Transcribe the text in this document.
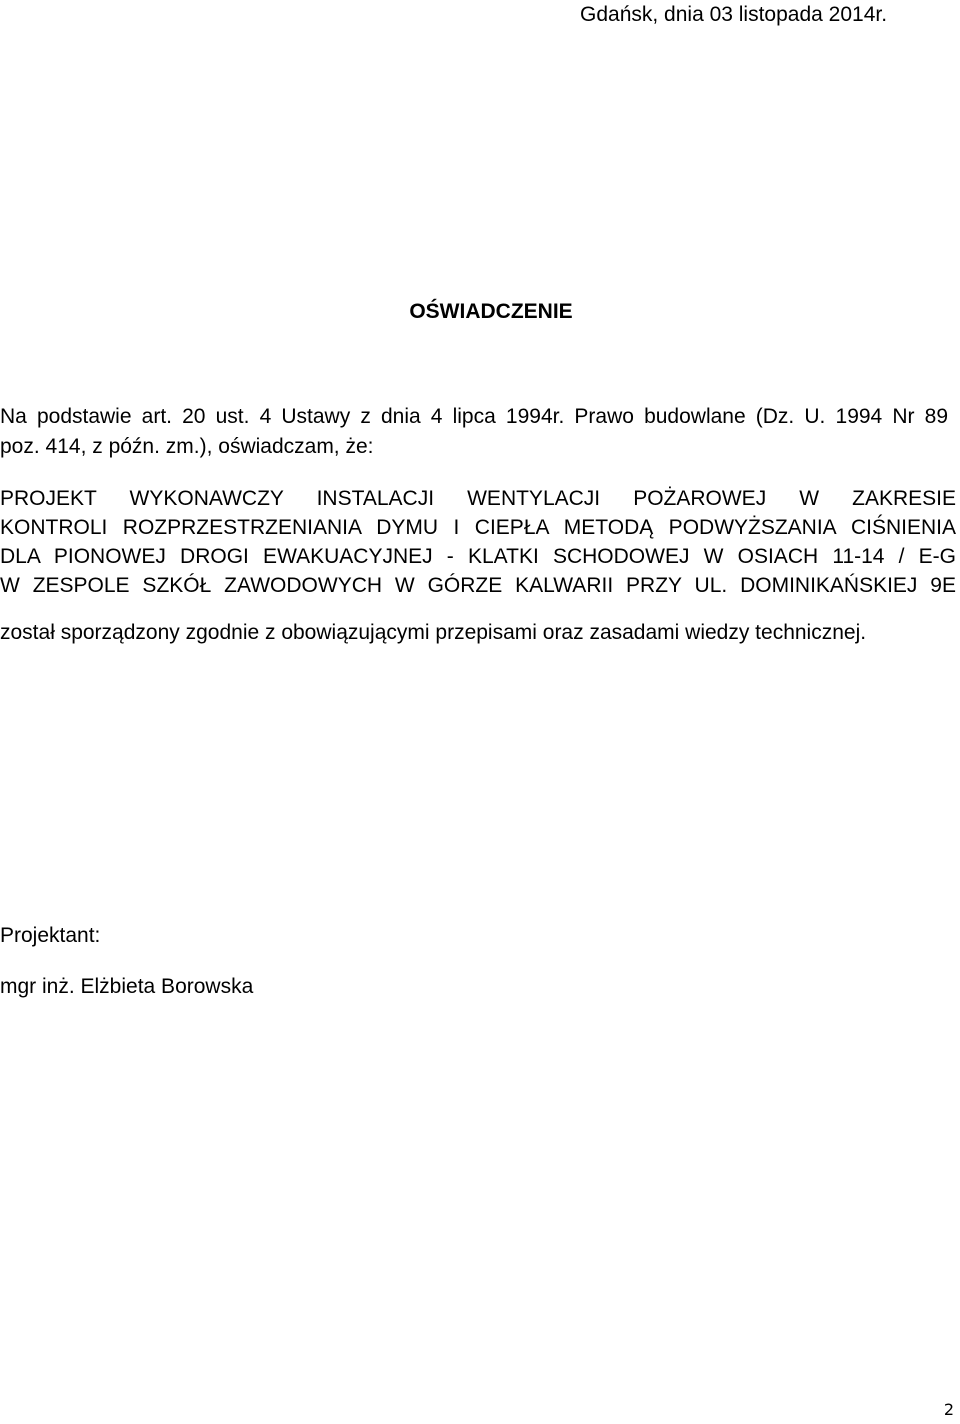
Gdańsk, dnia 03 listopada 2014r.
OŚWIADCZENIE
Na podstawie art. 20 ust. 4 Ustawy z dnia 4 lipca 1994r. Prawo budowlane (Dz. U. 1994 Nr 89
poz. 414, z późn. zm.), oświadczam, że:
PROJEKT WYKONAWCZY INSTALACJI WENTYLACJI POŻAROWEJ W ZAKRESIE
KONTROLI ROZPRZESTRZENIANIA DYMU I CIEPŁA METODĄ PODWYŻSZANIA CIŚNIENIA
DLA PIONOWEJ DROGI EWAKUACYJNEJ - KLATKI SCHODOWEJ W OSIACH 11-14 / E-G
W ZESPOLE SZKÓŁ ZAWODOWYCH W GÓRZE KALWARII PRZY UL. DOMINIKAŃSKIEJ 9E
został sporządzony zgodnie z obowiązującymi przepisami oraz zasadami wiedzy technicznej.
Projektant:
mgr inż. Elżbieta Borowska
2
